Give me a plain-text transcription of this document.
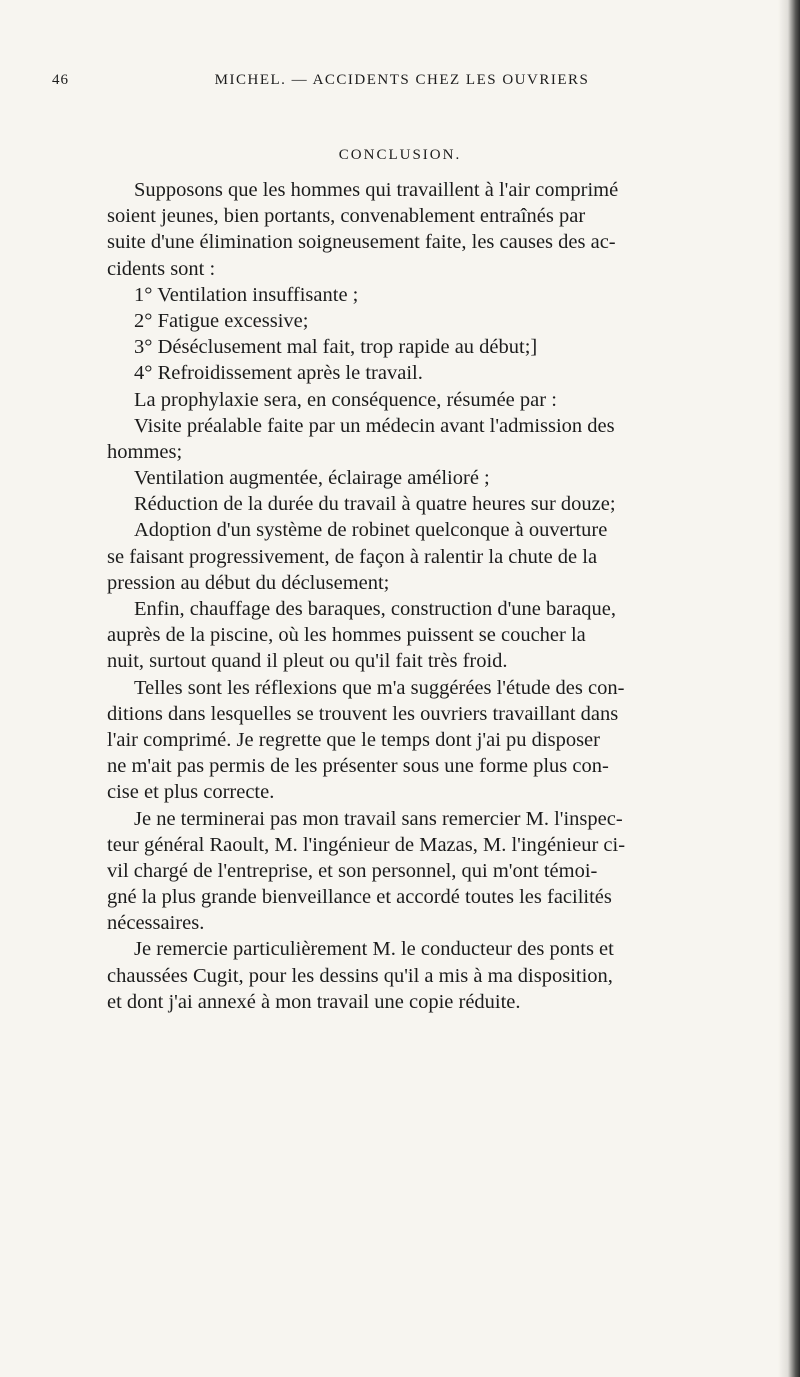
46	MICHEL. — ACCIDENTS CHEZ LES OUVRIERS
CONCLUSION.
Supposons que les hommes qui travaillent à l'air comprimé
soient jeunes, bien portants, convenablement entraînés par
suite d'une élimination soigneusement faite, les causes des ac-
cidents sont :
1° Ventilation insuffisante ;
2° Fatigue excessive;
3° Déséclusement mal fait, trop rapide au début;]
4° Refroidissement après le travail.
La prophylaxie sera, en conséquence, résumée par :
Visite préalable faite par un médecin avant l'admission des
hommes;
Ventilation augmentée, éclairage amélioré ;
Réduction de la durée du travail à quatre heures sur douze;
Adoption d'un système de robinet quelconque à ouverture
se faisant progressivement, de façon à ralentir la chute de la
pression au début du déclusement;
Enfin, chauffage des baraques, construction d'une baraque,
auprès de la piscine, où les hommes puissent se coucher la
nuit, surtout quand il pleut ou qu'il fait très froid.
Telles sont les réflexions que m'a suggérées l'étude des con-
ditions dans lesquelles se trouvent les ouvriers travaillant dans
l'air comprimé. Je regrette que le temps dont j'ai pu disposer
ne m'ait pas permis de les présenter sous une forme plus con-
cise et plus correcte.
Je ne terminerai pas mon travail sans remercier M. l'inspec-
teur général Raoult, M. l'ingénieur de Mazas, M. l'ingénieur ci-
vil chargé de l'entreprise, et son personnel, qui m'ont témoi-
gné la plus grande bienveillance et accordé toutes les facilités
nécessaires.
Je remercie particulièrement M. le conducteur des ponts et
chaussées Cugit, pour les dessins qu'il a mis à ma disposition,
et dont j'ai annexé à mon travail une copie réduite.
